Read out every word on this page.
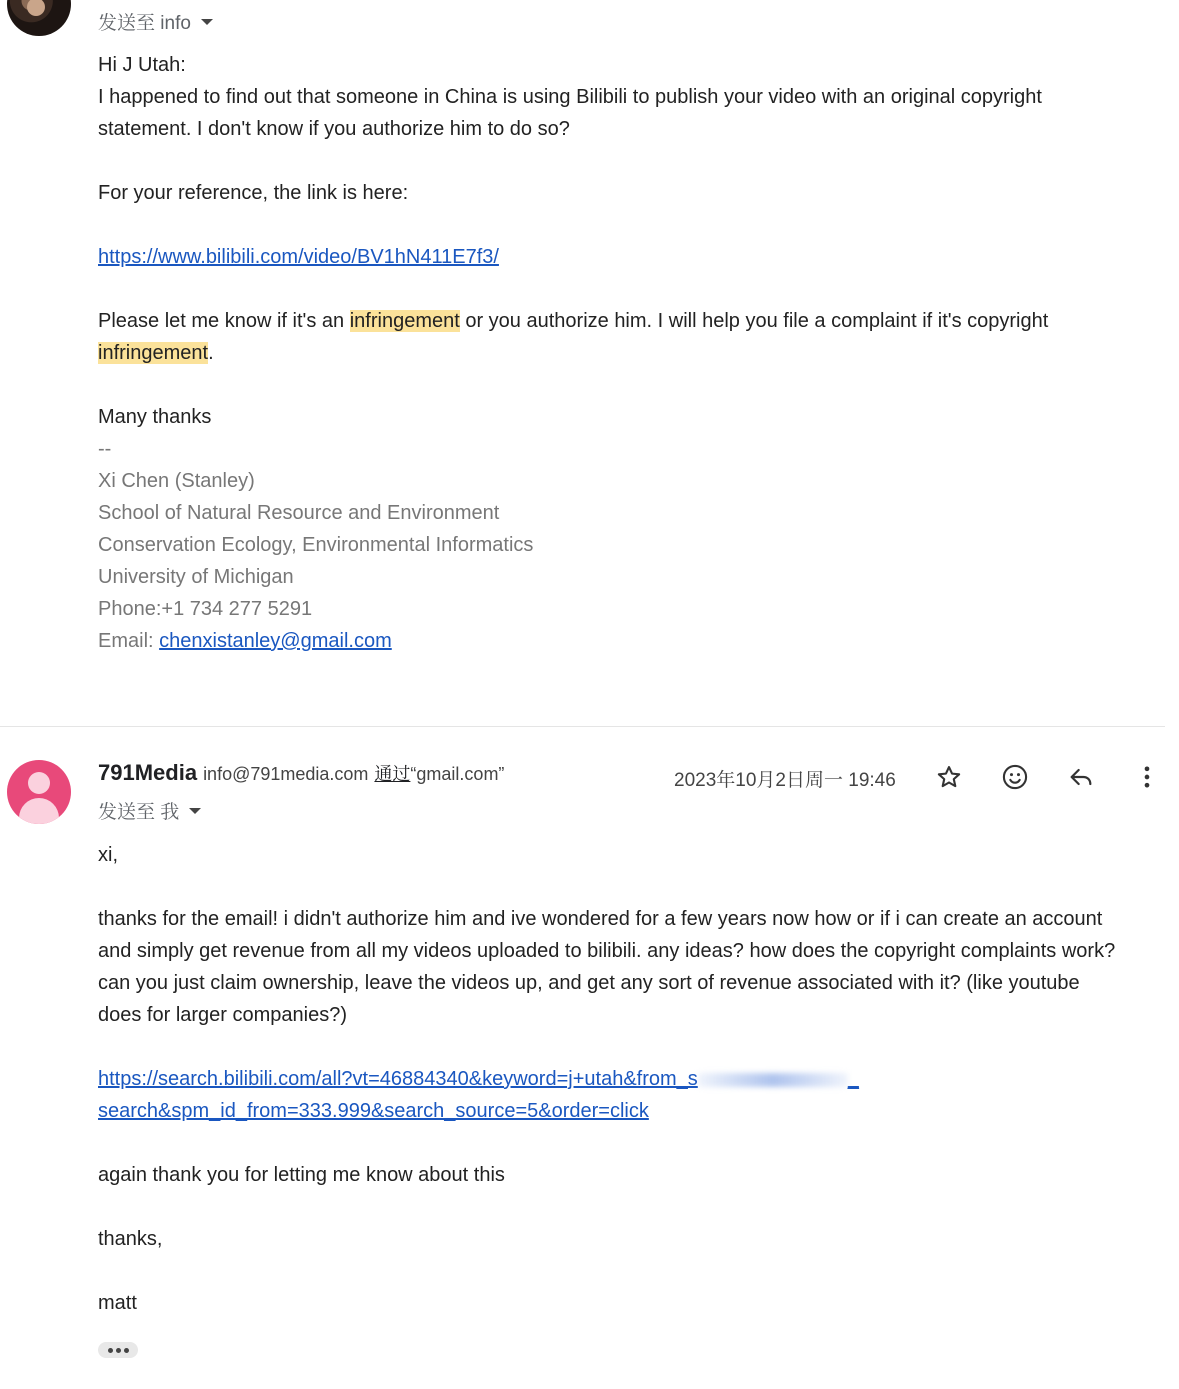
发送至 info

Hi J Utah:

I happened to find out that someone in China is using Bilibili to publish your video with an original copyright statement. I don't know if you authorize him to do so?

For your reference, the link is here:

https://www.bilibili.com/video/BV1hN411E7f3/

Please let me know if it's an infringement or you authorize him. I will help you file a complaint if it's copyright infringement.

Many thanks

--

Xi Chen (Stanley)

School of Natural Resource and Environment

Conservation Ecology, Environmental Informatics

University of Michigan

Phone:+1 734 277 5291

Email: chenxistanley@gmail.com

791Media info@791media.com 通过 “gmail.com”	2023年10月2日周一 19:46
发送至 我

xi,

thanks for the email! i didn't authorize him and ive wondered for a few years now how or if i can create an account and simply get revenue from all my videos uploaded to bilibili. any ideas? how does the copyright complaints work? can you just claim ownership, leave the videos up, and get any sort of revenue associated with it? (like youtube does for larger companies?)

https://search.bilibili.com/all?vt=46884340&keyword=j+utah&from_s	_
search&spm_id_from=333.999&search_source=5&order=click

again thank you for letting me know about this

thanks,

matt
